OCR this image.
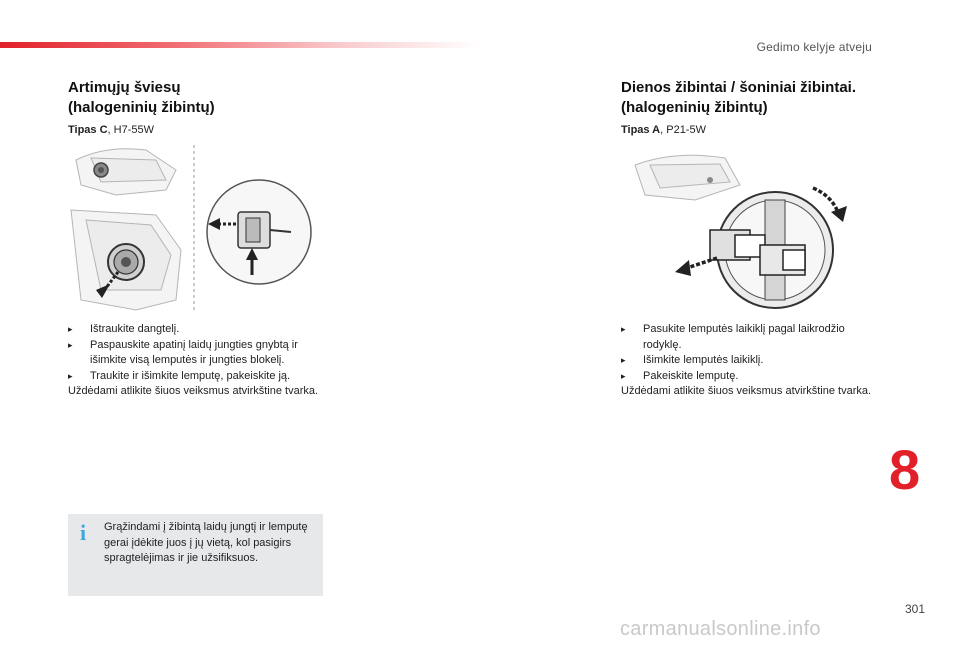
Gedimo kelyje atveju
Artimųjų šviesų
(halogeninių žibintų)
Tipas C, H7-55W
▸ Ištraukite dangtelį.
▸ Paspauskite apatinį laidų jungties gnybtą ir išimkite visą lemputės ir jungties blokelį.
▸ Traukite ir išimkite lemputę, pakeiskite ją.
Uždėdami atlikite šiuos veiksmus atvirkštine tvarka.
i Grąžindami į žibintą laidų jungtį ir lemputę gerai įdėkite juos į jų vietą, kol pasigirs spragtelėjimas ir jie užsifiksuos.
Dienos žibintai / šoniniai žibintai.
(halogeninių žibintų)
Tipas A, P21-5W
▸ Pasukite lemputės laikiklį pagal laikrodžio rodyklę.
▸ Išimkite lemputės laikiklį.
▸ Pakeiskite lemputę.
Uždėdami atlikite šiuos veiksmus atvirkštine tvarka.
8
301
carmanualsonline.info
